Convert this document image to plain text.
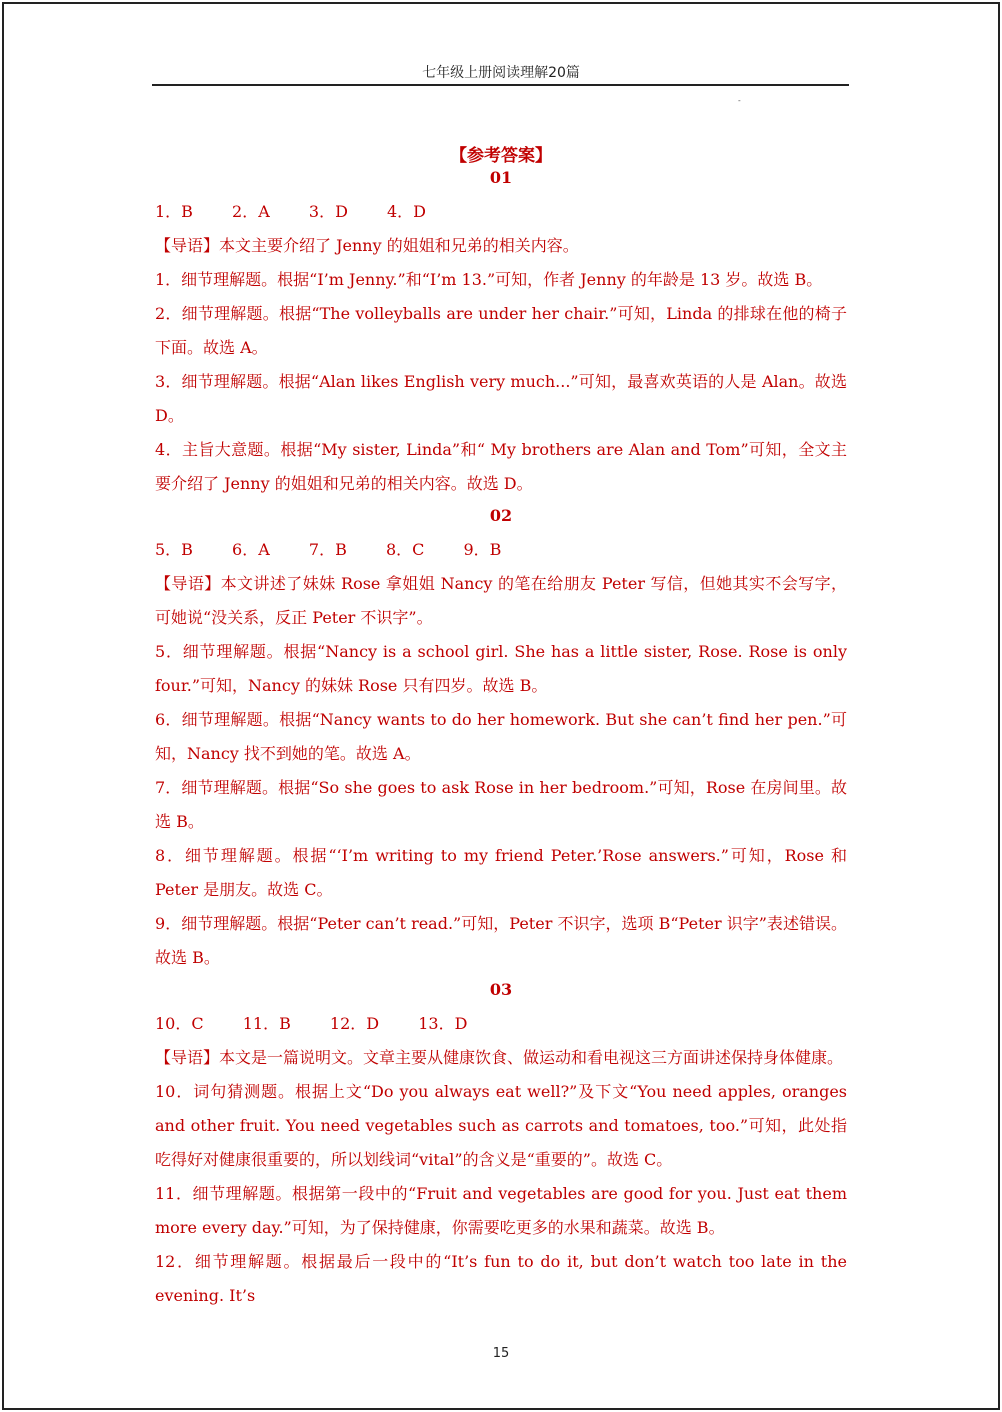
七年级上册阅读理解20篇
-
【参考答案】
01
1．B 2．A 3．D 4．D
【导语】本文主要介绍了 Jenny 的姐姐和兄弟的相关内容。
1．细节理解题。根据“I’m Jenny.”和“I’m 13.”可知，作者 Jenny 的年龄是 13 岁。故选 B。
2．细节理解题。根据“The volleyballs are under her chair.”可知，Linda 的排球在他的椅子下面。故选 A。
3．细节理解题。根据“Alan likes English very much...”可知，最喜欢英语的人是 Alan。故选 D。
4．主旨大意题。根据“My sister, Linda”和“ My brothers are Alan and Tom”可知，全文主要介绍了 Jenny 的姐姐和兄弟的相关内容。故选 D。
02
5．B 6．A 7．B 8．C 9．B
【导语】本文讲述了妹妹 Rose 拿姐姐 Nancy 的笔在给朋友 Peter 写信，但她其实不会写字，可她说“没关系，反正 Peter 不识字”。
5．细节理解题。根据“Nancy is a school girl. She has a little sister, Rose. Rose is only four.”可知，Nancy 的妹妹 Rose 只有四岁。故选 B。
6．细节理解题。根据“Nancy wants to do her homework. But she can’t find her pen.”可知，Nancy 找不到她的笔。故选 A。
7．细节理解题。根据“So she goes to ask Rose in her bedroom.”可知，Rose 在房间里。故选 B。
8．细节理解题。根据“‘I’m writing to my friend Peter.’Rose answers.”可知，Rose 和 Peter 是朋友。故选 C。
9．细节理解题。根据“Peter can’t read.”可知，Peter 不识字，选项 B“Peter 识字”表述错误。故选 B。
03
10．C 11．B 12．D 13．D
【导语】本文是一篇说明文。文章主要从健康饮食、做运动和看电视这三方面讲述保持身体健康。
10．词句猜测题。根据上文“Do you always eat well?”及下文“You need apples, oranges and other fruit. You need vegetables such as carrots and tomatoes, too.”可知，此处指吃得好对健康很重要的，所以划线词“vital”的含义是“重要的”。故选 C。
11．细节理解题。根据第一段中的“Fruit and vegetables are good for you. Just eat them more every day.”可知，为了保持健康，你需要吃更多的水果和蔬菜。故选 B。
12．细节理解题。根据最后一段中的“It’s fun to do it, but don’t watch too late in the evening. It’s
15
